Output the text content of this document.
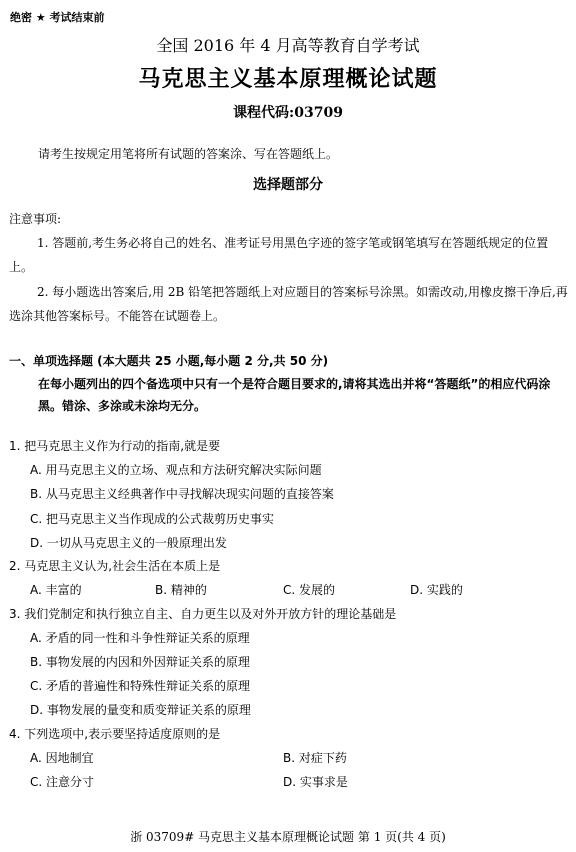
绝密 ★ 考试结束前
全国 2016 年 4 月高等教育自学考试
马克思主义基本原理概论试题
课程代码:03709
请考生按规定用笔将所有试题的答案涂、写在答题纸上。
选择题部分
注意事项:
1. 答题前,考生务必将自己的姓名、准考证号用黑色字迹的签字笔或钢笔填写在答题纸规定的位置上。
2. 每小题选出答案后,用 2B 铅笔把答题纸上对应题目的答案标号涂黑。如需改动,用橡皮擦干净后,再选涂其他答案标号。不能答在试题卷上。
一、单项选择题 (本大题共 25 小题,每小题 2 分,共 50 分)
在每小题列出的四个备选项中只有一个是符合题目要求的,请将其选出并将“答题纸”的相应代码涂黑。错涂、多涂或未涂均无分。
1. 把马克思主义作为行动的指南,就是要
A. 用马克思主义的立场、观点和方法研究解决实际问题
B. 从马克思主义经典著作中寻找解决现实问题的直接答案
C. 把马克思主义当作现成的公式裁剪历史事实
D. 一切从马克思主义的一般原理出发
2. 马克思主义认为,社会生活在本质上是
A. 丰富的	B. 精神的	C. 发展的	D. 实践的
3. 我们党制定和执行独立自主、自力更生以及对外开放方针的理论基础是
A. 矛盾的同一性和斗争性辩证关系的原理
B. 事物发展的内因和外因辩证关系的原理
C. 矛盾的普遍性和特殊性辩证关系的原理
D. 事物发展的量变和质变辩证关系的原理
4. 下列选项中,表示要坚持适度原则的是
A. 因地制宜	B. 对症下药
C. 注意分寸	D. 实事求是
浙 03709# 马克思主义基本原理概论试题 第 1 页(共 4 页)
